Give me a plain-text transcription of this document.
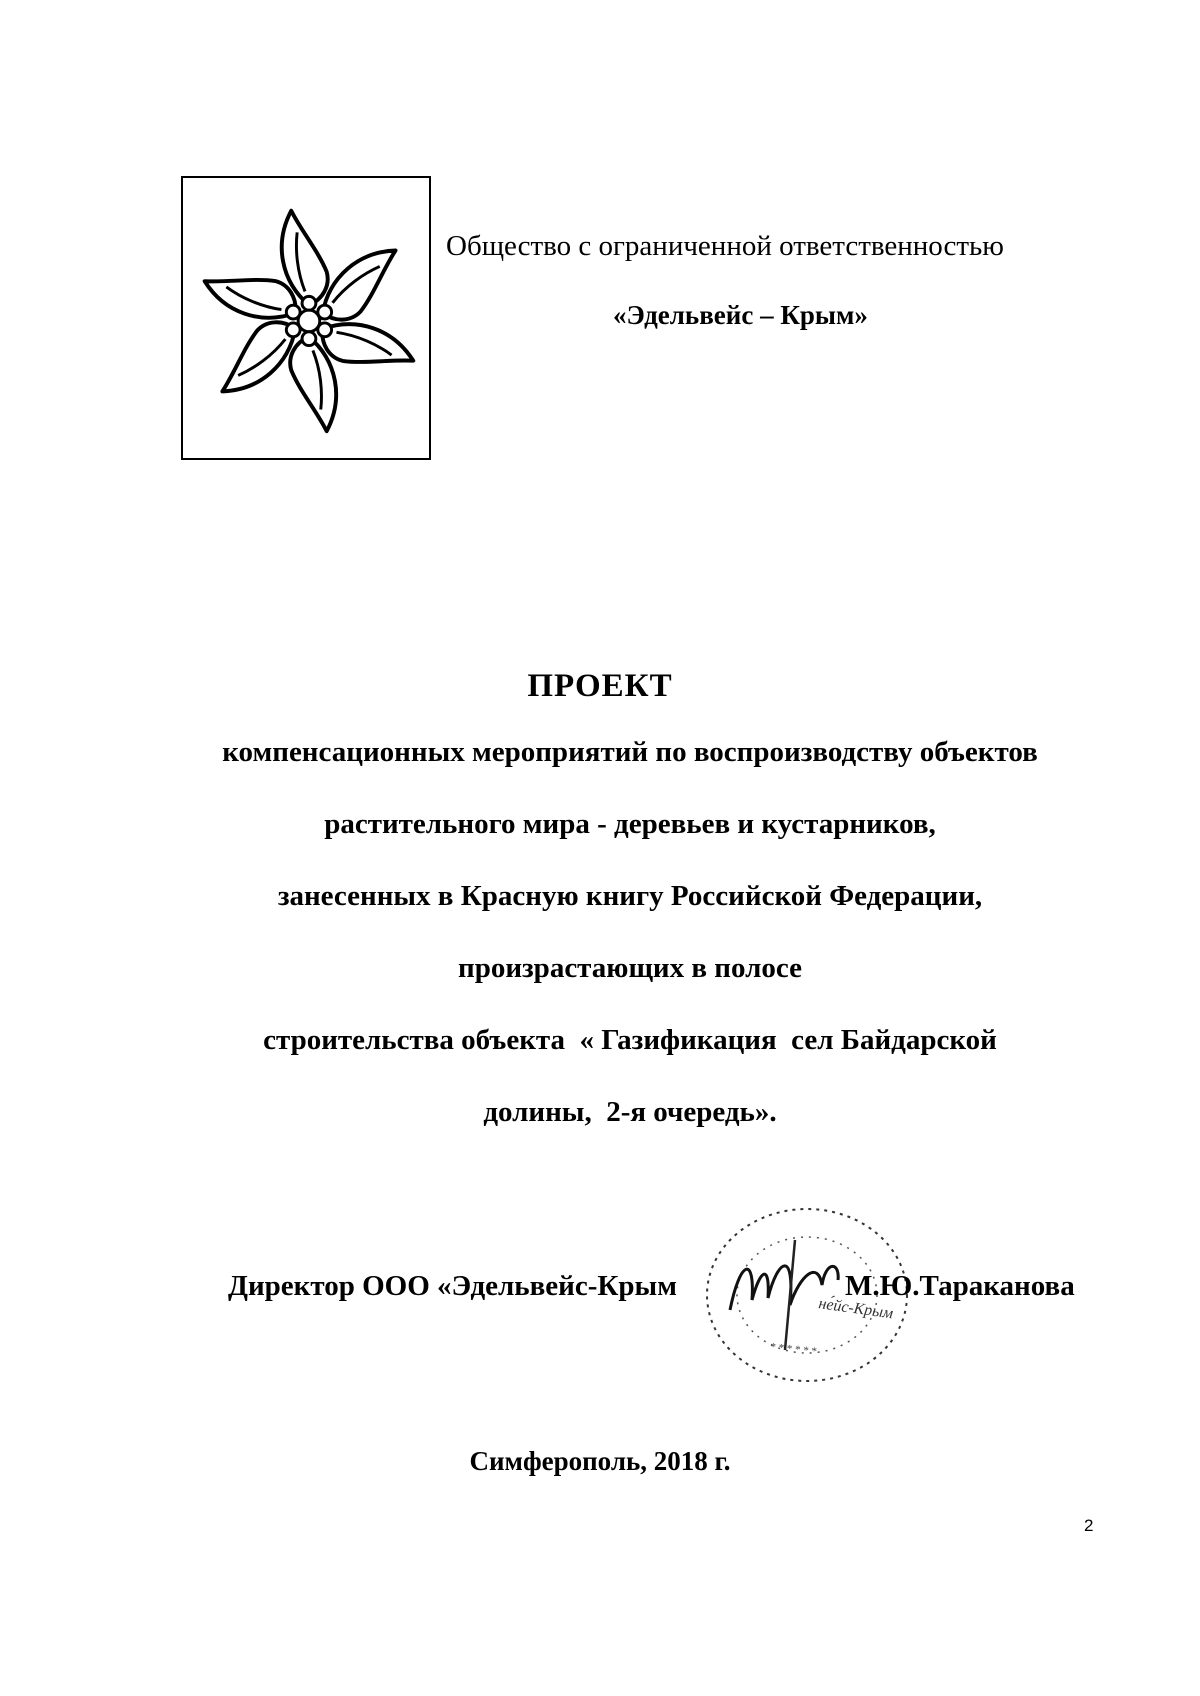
Общество с ограниченной ответственностью
«Эдельвейс – Крым»
ПРОЕКТ
компенсационных мероприятий по воспроизводству объектов
растительного мира - деревьев и кустарников,
занесенных в Красную книгу Российской Федерации,
произрастающих в полосе
строительства объекта  « Газификация  сел Байдарской
долины,  2-я очередь».
не́йс-Крым
* * * * * *
Директор ООО «Эдельвейс-Крым	М.Ю.Тараканова
Симферополь, 2018 г.
2
